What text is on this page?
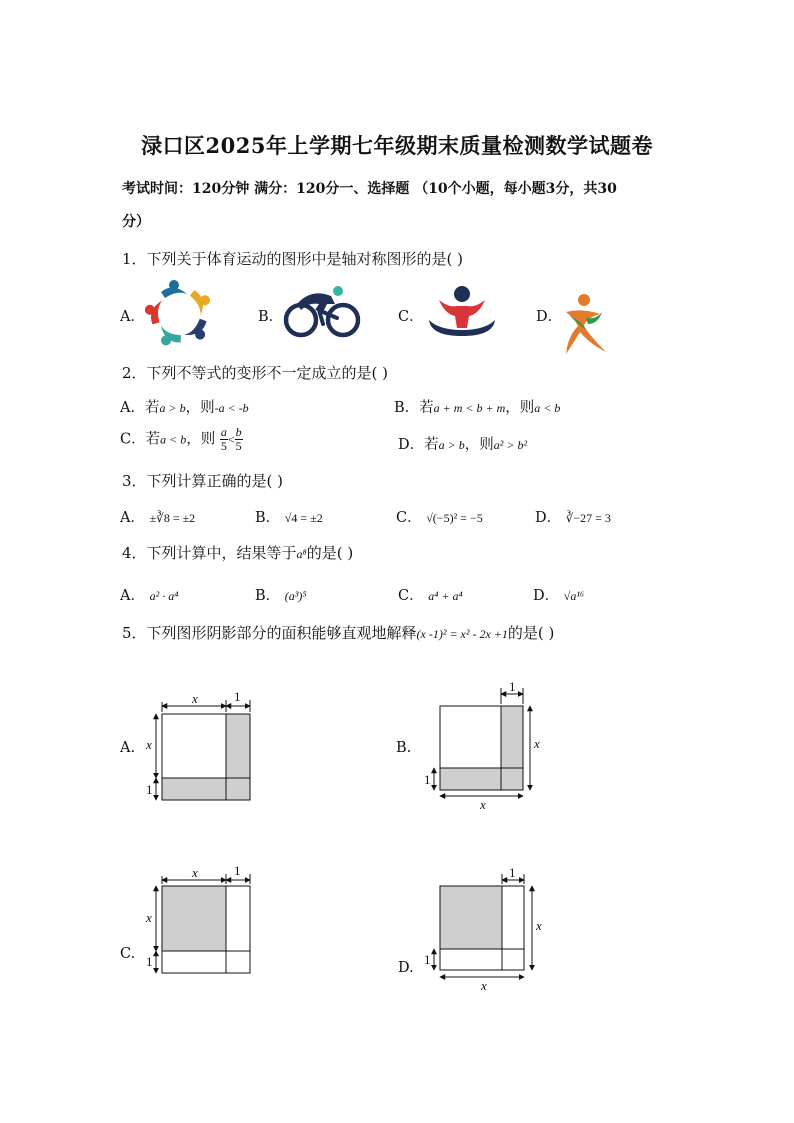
渌口区2025年上学期七年级期末质量检测数学试题卷
考试时间：120分钟 满分：120分一、选择题 （10个小题，每小题3分，共30
分）
1．下列关于体育运动的图形中是轴对称图形的是( )
A．	B．	C．	D．
2．下列不等式的变形不一定成立的是( )
A．若a > b，则-a < -b	B．若a + m < b + m，则a < b
C．若a < b，则 $\frac{a}{5} < \frac{b}{5}$	D．若a > b，则a² > b²
3．下列计算正确的是( )
A． ±∛8 = ±2	B． √4 = ±2	C． √(−5)² = −5	D． ∛−27 = 3
4．下列计算中，结果等于a⁸的是( )
A． a² · a⁴	B． (a³)⁵	C． a⁴ + a⁴	D． √a¹⁶
5．下列图形阴影部分的面积能够直观地解释(x -1)² = x² - 2x +1的是( )
A.	B.
C.
D.
x	1
x
1
1
x
1
x
x	1
x
1
1
x
1
x
